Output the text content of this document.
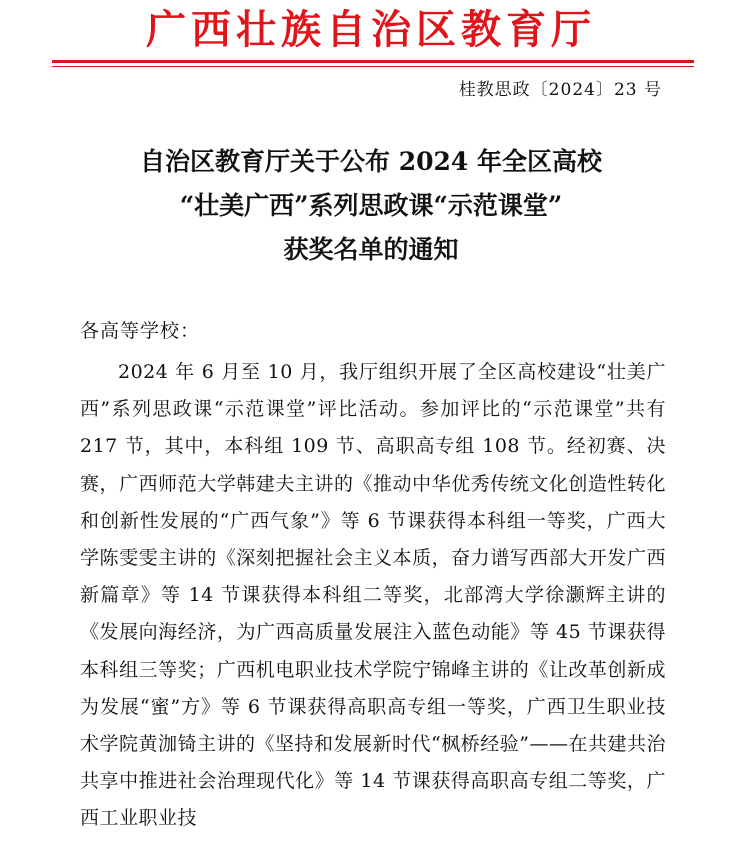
广西壮族自治区教育厅
桂教思政〔2024〕23 号
自治区教育厅关于公布 2024 年全区高校
“壮美广西”系列思政课“示范课堂”
获奖名单的通知
各高等学校：

2024 年 6 月至 10 月，我厅组织开展了全区高校建设“壮美广西”系列思政课“示范课堂”评比活动。参加评比的“示范课堂”共有 217 节，其中，本科组 109 节、高职高专组 108 节。经初赛、决赛，广西师范大学韩建夫主讲的《推动中华优秀传统文化创造性转化和创新性发展的“广西气象”》等 6 节课获得本科组一等奖，广西大学陈雯雯主讲的《深刻把握社会主义本质，奋力谱写西部大开发广西新篇章》等 14 节课获得本科组二等奖，北部湾大学徐灏辉主讲的《发展向海经济，为广西高质量发展注入蓝色动能》等 45 节课获得本科组三等奖；广西机电职业技术学院宁锦峰主讲的《让改革创新成为发展“蜜”方》等 6 节课获得高职高专组一等奖，广西卫生职业技术学院黄泇锜主讲的《坚持和发展新时代“枫桥经验”——在共建共治共享中推进社会治理现代化》等 14 节课获得高职高专组二等奖，广西工业职业技
